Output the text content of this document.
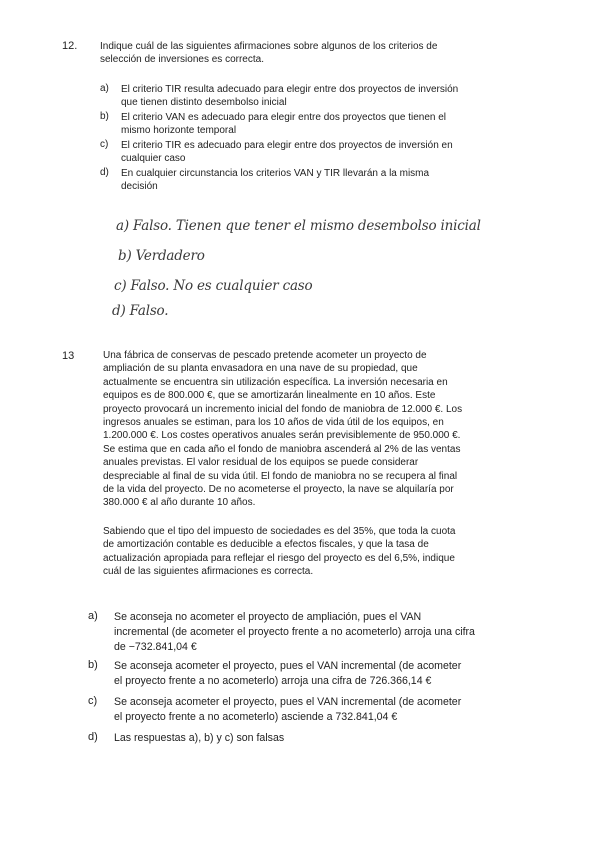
12. Indique cuál de las siguientes afirmaciones sobre algunos de los criterios de
selección de inversiones es correcta.
a)	El criterio TIR resulta adecuado para elegir entre dos proyectos de inversión
que tienen distinto desembolso inicial
b)	El criterio VAN es adecuado para elegir entre dos proyectos que tienen el
mismo horizonte temporal
c)	El criterio TIR es adecuado para elegir entre dos proyectos de inversión en
cualquier caso
d)	En cualquier circunstancia los criterios VAN y TIR llevarán a la misma
decisión

a) Falso. Tienen que tener el mismo desembolso inicial
b) Verdadero
c) Falso. No es cualquier caso
d) Falso.
13	Una fábrica de conservas de pescado pretende acometer un proyecto de
ampliación de su planta envasadora en una nave de su propiedad, que
actualmente se encuentra sin utilización específica. La inversión necesaria en
equipos es de 800.000 €, que se amortizarán linealmente en 10 años. Este
proyecto provocará un incremento inicial del fondo de maniobra de 12.000 €. Los
ingresos anuales se estiman, para los 10 años de vida útil de los equipos, en
1.200.000 €. Los costes operativos anuales serán previsiblemente de 950.000 €.
Se estima que en cada año el fondo de maniobra ascenderá al 2% de las ventas
anuales previstas. El valor residual de los equipos se puede considerar
despreciable al final de su vida útil. El fondo de maniobra no se recupera al final
de la vida del proyecto. De no acometerse el proyecto, la nave se alquilaría por
380.000 € al año durante 10 años.
Sabiendo que el tipo del impuesto de sociedades es del 35%, que toda la cuota
de amortización contable es deducible a efectos fiscales, y que la tasa de
actualización apropiada para reflejar el riesgo del proyecto es del 6,5%, indique
cuál de las siguientes afirmaciones es correcta.
a)	Se aconseja no acometer el proyecto de ampliación, pues el VAN
incremental (de acometer el proyecto frente a no acometerlo) arroja una cifra
de −732.841,04 €
b)	Se aconseja acometer el proyecto, pues el VAN incremental (de acometer
el proyecto frente a no acometerlo) arroja una cifra de 726.366,14 €
c)	Se aconseja acometer el proyecto, pues el VAN incremental (de acometer
el proyecto frente a no acometerlo) asciende a 732.841,04 €
d)	Las respuestas a), b) y c) son falsas
